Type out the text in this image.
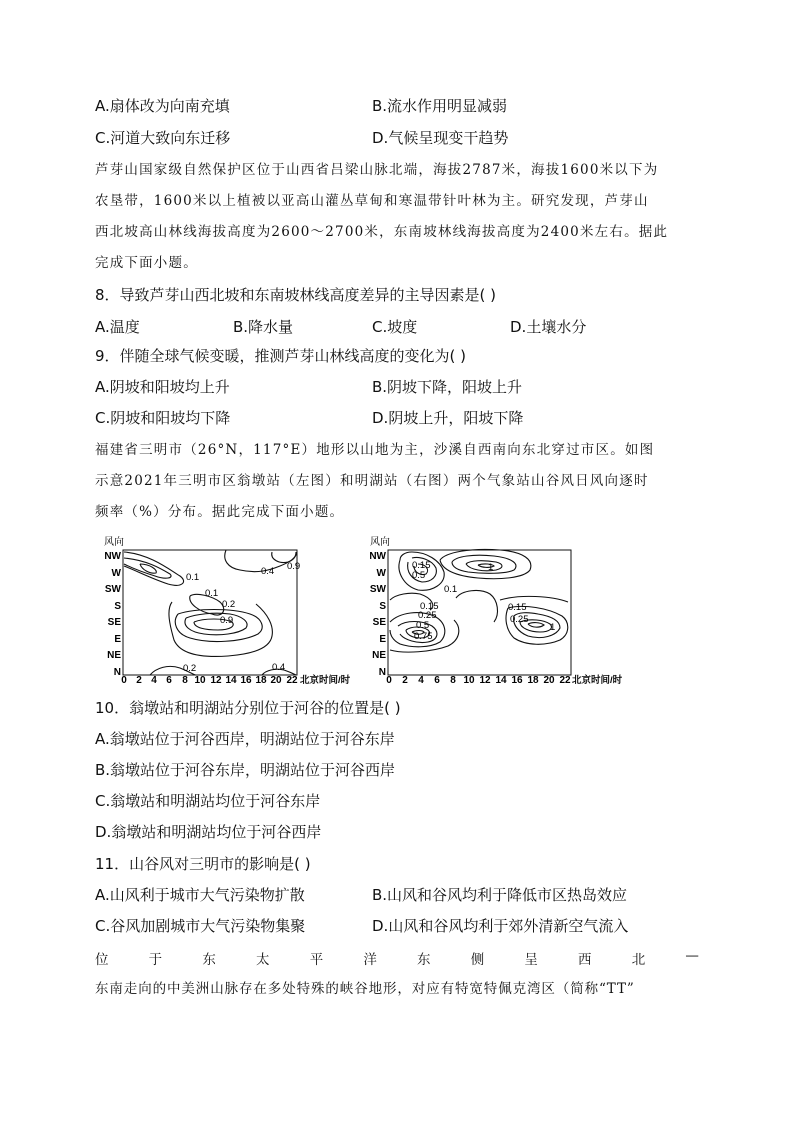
A.扇体改为向南充填	B.流水作用明显减弱
C.河道大致向东迁移	D.气候呈现变干趋势
芦芽山国家级自然保护区位于山西省吕梁山脉北端，海拔2787米，海拔1600米以下为
农垦带，1600米以上植被以亚高山灌丛草甸和寒温带针叶林为主。研究发现，芦芽山
西北坡高山林线海拔高度为2600～2700米，东南坡林线海拔高度为2400米左右。据此
完成下面小题。
8．导致芦芽山西北坡和东南坡林线高度差异的主导因素是( )
A.温度	B.降水量	C.坡度	D.土壤水分
9．伴随全球气候变暖，推测芦芽山林线高度的变化为( )
A.阴坡和阳坡均上升	B.阴坡下降，阳坡上升
C.阴坡和阳坡均下降	D.阴坡上升，阳坡下降
福建省三明市（26°N，117°E）地形以山地为主，沙溪自西南向东北穿过市区。如图
示意2021年三明市区翁墩站（左图）和明湖站（右图）两个气象站山谷风日风向逐时
频率（%）分布。据此完成下面小题。
风向
NW
W
SW
S
SE
E
NE
N
0 2 4 6 8 10 12 14 16 18 20 22 北京时间/时
0.4 0.9
0.1
0.1
0.2
0.9
0.2	0.4
风向
NW
W
SW
S
SE
E
NE
N
0 2 4 6 8 10 12 14 16 18 20 22 北京时间/时
0.15
0.5
1
0.1
0.15
0.25
0.5
0.75
0.15
0.25
1
10．翁墩站和明湖站分别位于河谷的位置是( )
A.翁墩站位于河谷西岸，明湖站位于河谷东岸
B.翁墩站位于河谷东岸，明湖站位于河谷西岸
C.翁墩站和明湖站均位于河谷东岸
D.翁墩站和明湖站均位于河谷西岸
11．山谷风对三明市的影响是( )
A.山风利于城市大气污染物扩散	B.山风和谷风均利于降低市区热岛效应
C.谷风加剧城市大气污染物集聚	D.山风和谷风均利于郊外清新空气流入
位	于	东	太	平	洋	东	侧	呈	西	北	—
东南走向的中美洲山脉存在多处特殊的峡谷地形，对应有特宽特佩克湾区（简称“TT”
